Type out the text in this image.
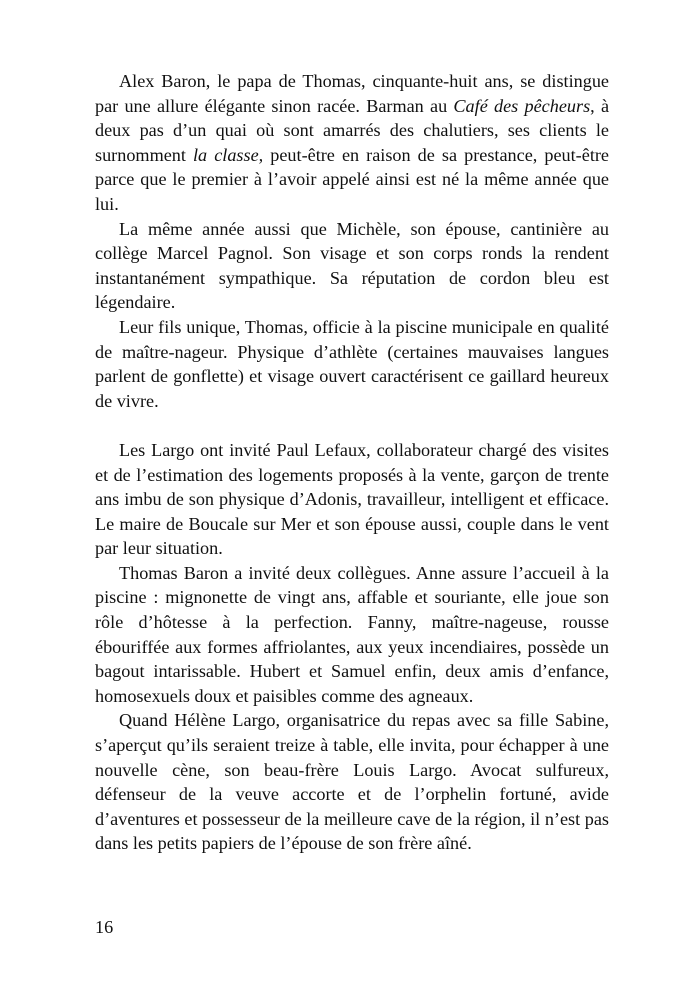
Alex Baron, le papa de Thomas, cinquante-huit ans, se distingue par une allure élégante sinon racée. Barman au Café des pêcheurs, à deux pas d’un quai où sont amarrés des chalutiers, ses clients le surnomment la classe, peut-être en raison de sa prestance, peut-être parce que le premier à l’avoir appelé ainsi est né la même année que lui.

La même année aussi que Michèle, son épouse, cantinière au collège Marcel Pagnol. Son visage et son corps ronds la rendent instantanément sympathique. Sa réputation de cordon bleu est légendaire.

Leur fils unique, Thomas, officie à la piscine municipale en qualité de maître-nageur. Physique d’athlète (certaines mauvaises langues parlent de gonflette) et visage ouvert caractérisent ce gaillard heureux de vivre.

Les Largo ont invité Paul Lefaux, collaborateur chargé des visites et de l’estimation des logements proposés à la vente, garçon de trente ans imbu de son physique d’Adonis, travailleur, intelligent et efficace. Le maire de Boucale sur Mer et son épouse aussi, couple dans le vent par leur situation.

Thomas Baron a invité deux collègues. Anne assure l’accueil à la piscine : mignonette de vingt ans, affable et souriante, elle joue son rôle d’hôtesse à la perfection. Fanny, maître-nageuse, rousse ébouriffée aux formes affriolantes, aux yeux incendiaires, possède un bagout intarissable. Hubert et Samuel enfin, deux amis d’enfance, homosexuels doux et paisibles comme des agneaux.

Quand Hélène Largo, organisatrice du repas avec sa fille Sabine, s’aperçut qu’ils seraient treize à table, elle invita, pour échapper à une nouvelle cène, son beau-frère Louis Largo. Avocat sulfureux, défenseur de la veuve accorte et de l’orphelin fortuné, avide d’aventures et possesseur de la meilleure cave de la région, il n’est pas dans les petits papiers de l’épouse de son frère aîné.

16
